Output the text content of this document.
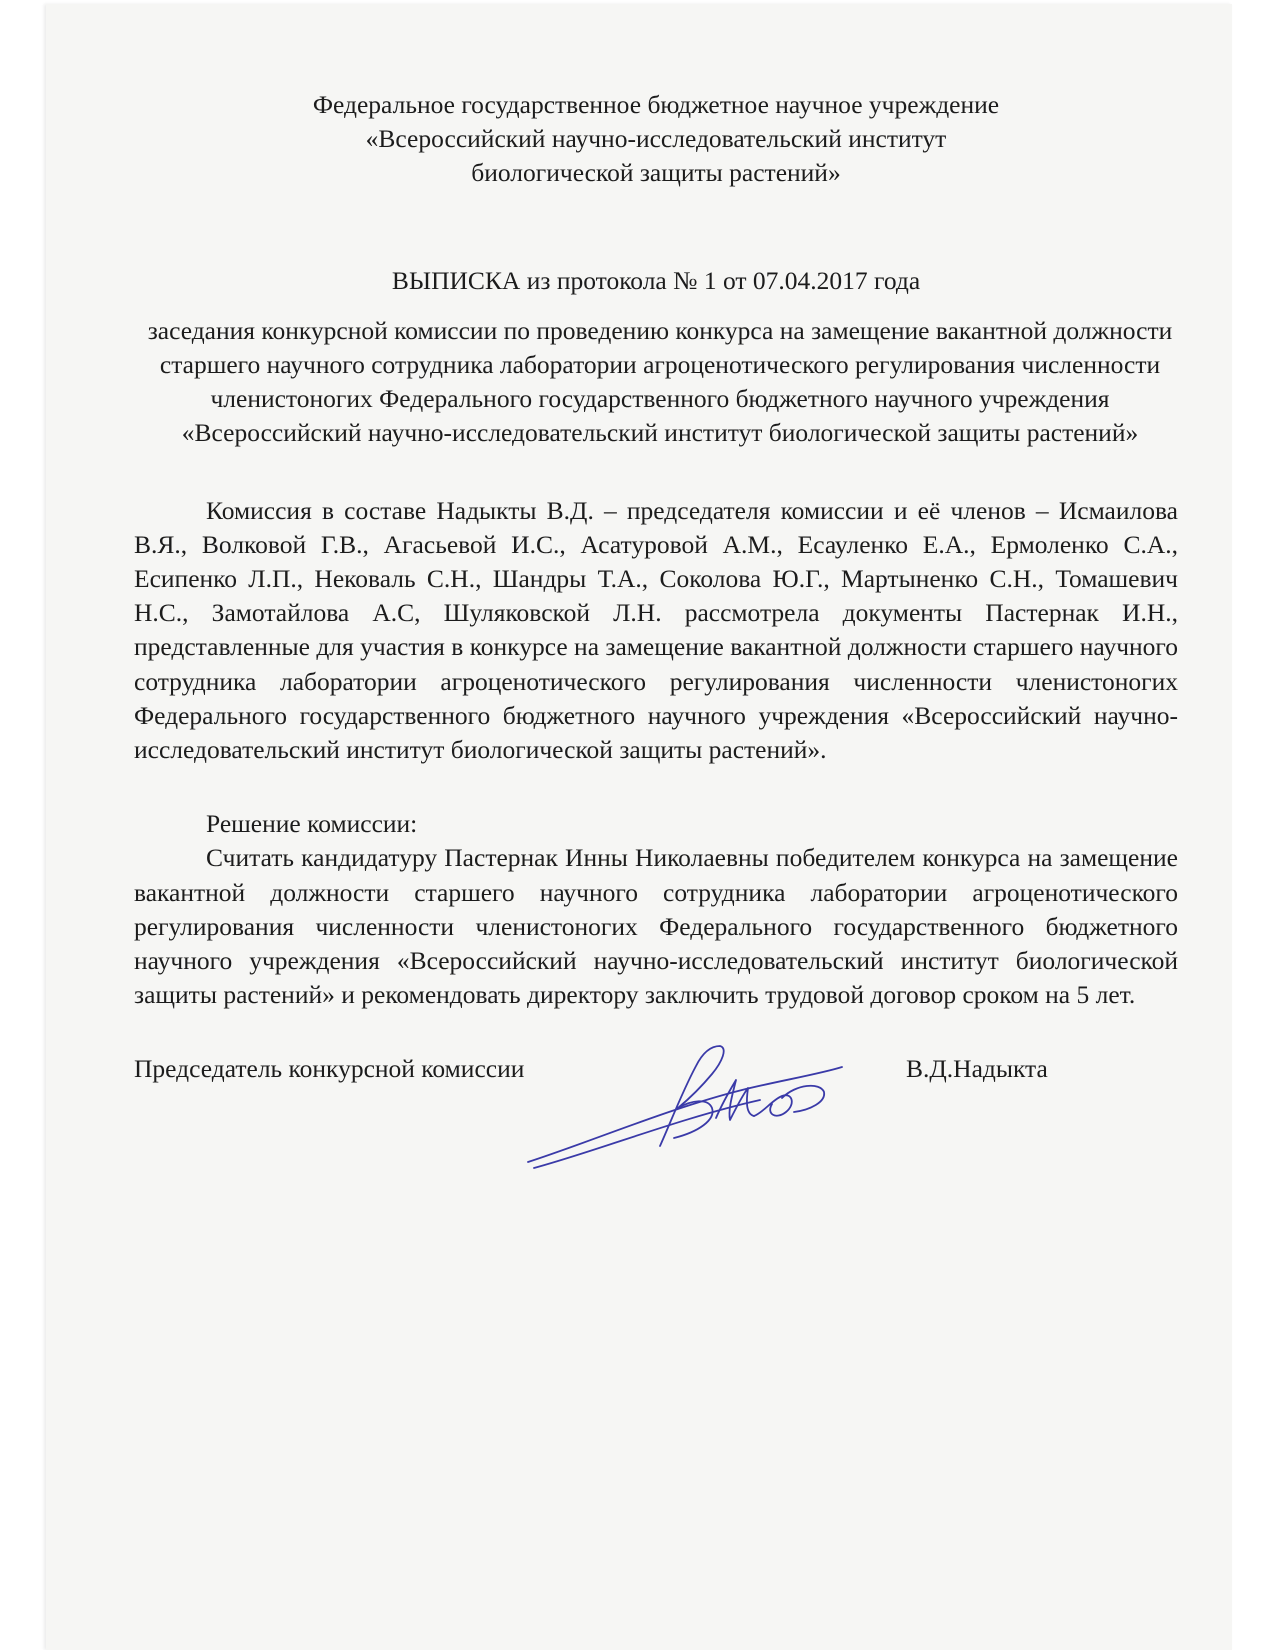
Федеральное государственное бюджетное научное учреждение

«Всероссийский научно-исследовательский институт

биологической защиты растений»

ВЫПИСКА из протокола № 1 от 07.04.2017 года

заседания конкурсной комиссии по проведению конкурса на замещение вакантной должности старшего научного сотрудника лаборатории агроценотического регулирования численности членистоногих Федерального государственного бюджетного научного учреждения «Всероссийский научно-исследовательский институт биологической защиты растений»

Комиссия в составе Надыкты В.Д. – председателя комиссии и её членов – Исмаилова В.Я., Волковой Г.В., Агасьевой И.С., Асатуровой А.М., Есауленко Е.А., Ермоленко С.А., Есипенко Л.П., Нековаль С.Н., Шандры Т.А., Соколова Ю.Г., Мартыненко С.Н., Томашевич Н.С., Замотайлова А.С, Шуляковской Л.Н. рассмотрела документы Пастернак И.Н., представленные для участия в конкурсе на замещение вакантной должности старшего научного сотрудника лаборатории агроценотического регулирования численности членистоногих Федерального государственного бюджетного научного учреждения «Всероссийский научно-исследовательский институт биологической защиты растений».

Решение комиссии:

Считать кандидатуру Пастернак Инны Николаевны победителем конкурса на замещение вакантной должности старшего научного сотрудника лаборатории агроценотического регулирования численности членистоногих Федерального государственного бюджетного научного учреждения «Всероссийский научно-исследовательский институт биологической защиты растений» и рекомендовать директору заключить трудовой договор сроком на 5 лет.

Председатель конкурсной комиссии	В.Д.Надыкта
